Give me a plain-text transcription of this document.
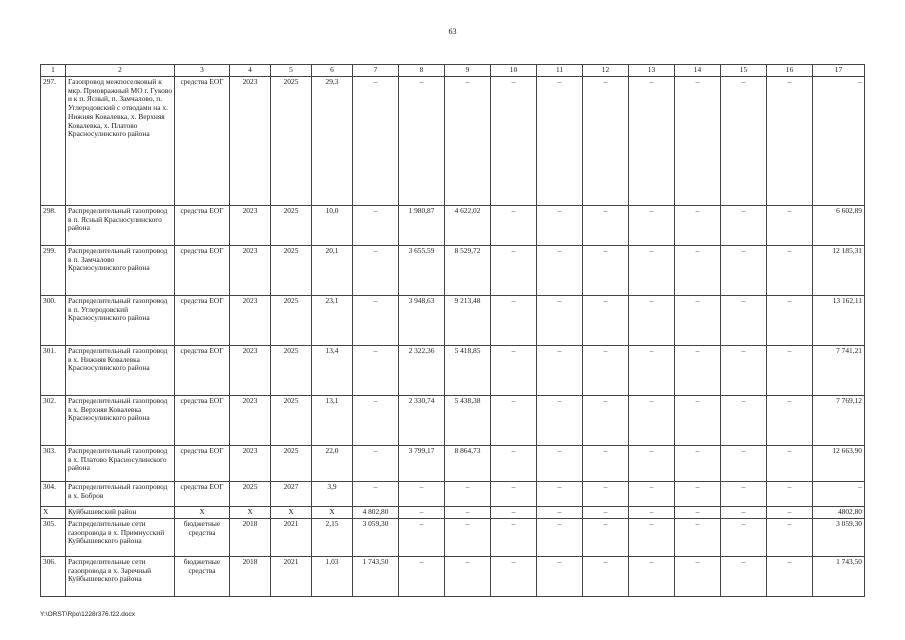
63
1	2	3	4	5	6	7	8	9	10	11	12	13	14	15	16	17
297.	Газопровод межпоселковый к мкр. Приовражный МО г. Гуково и к п. Ясный, п. Замчалово, п. Углеродовский с отводами на х. Нижняя Ковалевка, х. Верхняя Ковалевка, х. Платово Красносулинского района	средства ЕОГ	2023	2025	29,3	–	–	–	–	–	–	–	–	–	–	–
298.	Распределительный газопровод в п. Ясный Красносулинского района	средства ЕОГ	2023	2025	10,0	–	1 980,87	4 622,02	–	–	–	–	–	–	–	6 602,89
299.	Распределительный газопровод в п. Замчалово Красносулинского района	средства ЕОГ	2023	2025	20,1	–	3 655,59	8 529,72	–	–	–	–	–	–	–	12 185,31
300.	Распределительный газопровод в п. Углеродовский Красносулинского района	средства ЕОГ	2023	2025	23,1	–	3 948,63	9 213,48	–	–	–	–	–	–	–	13 162,11
301.	Распределительный газопровод в х. Нижняя Ковалевка Красносулинского района	средства ЕОГ	2023	2025	13,4	–	2 322,36	5 418,85	–	–	–	–	–	–	–	7 741,21
302.	Распределительный газопровод в х. Верхняя Ковалевка Красносулинского района	средства ЕОГ	2023	2025	13,1	–	2 330,74	5 438,38	–	–	–	–	–	–	–	7 769,12
303.	Распределительный газопровод в х. Платово Красносулинского района	средства ЕОГ	2023	2025	22,0	–	3 799,17	8 864,73	–	–	–	–	–	–	–	12 663,90
304.	Распределительный газопровод в х. Бобров	средства ЕОГ	2025	2027	3,9	–	–	–	–	–	–	–	–	–	–	–
Х	Куйбышевский район	Х	Х	Х	Х	4 802,80	–	–	–	–	–	–	–	–	–	4802,80
305.	Распределительные сети газопровода в х. Примиусский Куйбышевского района	бюджетные средства	2018	2021	2,15	3 059,30	–	–	–	–	–	–	–	–	–	3 059,30
306.	Распределительные сети газопровода в х. Заречный Куйбышевского района	бюджетные средства	2018	2021	1,03	1 743,50	–	–	–	–	–	–	–	–	–	1 743,50
Y:\ORST\Rpo\1228r376.f22.docx
